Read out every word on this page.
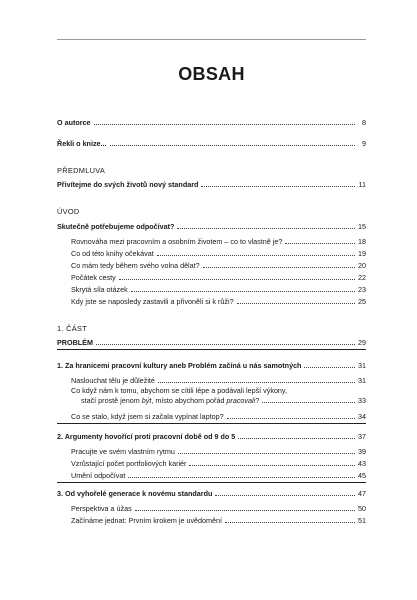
OBSAH
O autorce	8
Řekli o knize...	9
PŘEDMLUVA
Přivítejme do svých životů nový standard	11
ÚVOD
Skutečně potřebujeme odpočívat?	15
Rovnováha mezi pracovním a osobním životem – co to vlastně je?	18
Co od této knihy očekávat	19
Co mám tedy během svého volna dělat?	20
Počátek cesty	22
Skrytá síla otázek	23
Kdy jste se naposledy zastavili a přivoněli si k růži?	25
1. ČÁST
PROBLÉM	29
1. Za hranicemi pracovní kultury aneb Problém začíná u nás samotných	31
Naslouchat tělu je důležité	31
Co když nám k tomu, abychom se cítili lépe a podávali lepší výkony,
stačí prostě jenom být, místo abychom pořád pracovali?	33
Co se stalo, když jsem si začala vypínat laptop?	34
2. Argumenty hovořící proti pracovní době od 9 do 5	37
Pracujte ve svém vlastním rytmu	39
Vzrůstající počet portfoliových kariér	43
Umění odpočívat	45
3. Od vyhořelé generace k novému standardu	47
Perspektiva a úžas	50
Začínáme jednat: Prvním krokem je uvědomění	51
